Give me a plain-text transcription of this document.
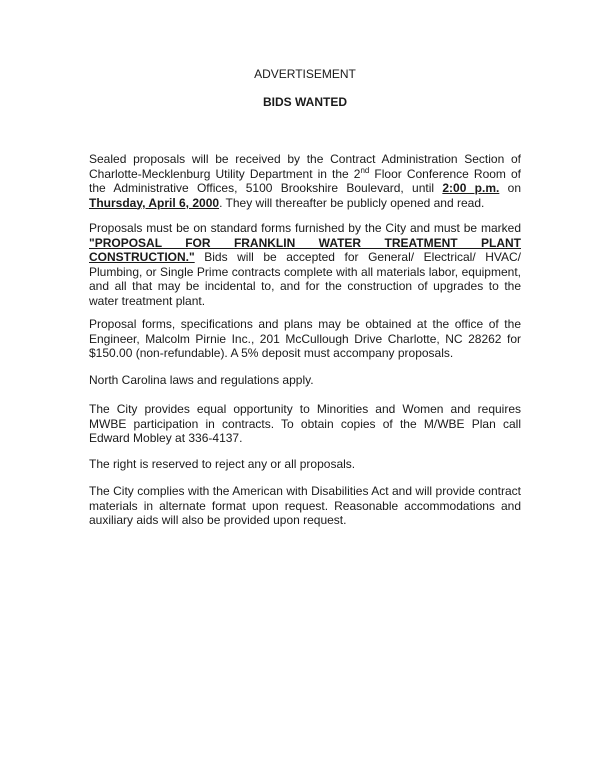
ADVERTISEMENT
BIDS WANTED
Sealed proposals will be received by the Contract Administration Section of Charlotte-Mecklenburg Utility Department in the 2nd Floor Conference Room of the Administrative Offices, 5100 Brookshire Boulevard, until 2:00 p.m. on Thursday, April 6, 2000. They will thereafter be publicly opened and read.
Proposals must be on standard forms furnished by the City and must be marked "PROPOSAL FOR FRANKLIN WATER TREATMENT PLANT CONSTRUCTION." Bids will be accepted for General/ Electrical/ HVAC/ Plumbing, or Single Prime contracts complete with all materials labor, equipment, and all that may be incidental to, and for the construction of upgrades to the water treatment plant.
Proposal forms, specifications and plans may be obtained at the office of the Engineer, Malcolm Pirnie Inc., 201 McCullough Drive Charlotte, NC 28262 for $150.00 (non-refundable). A 5% deposit must accompany proposals.
North Carolina laws and regulations apply.
The City provides equal opportunity to Minorities and Women and requires MWBE participation in contracts. To obtain copies of the M/WBE Plan call Edward Mobley at 336-4137.
The right is reserved to reject any or all proposals.
The City complies with the American with Disabilities Act and will provide contract materials in alternate format upon request. Reasonable accommodations and auxiliary aids will also be provided upon request.
